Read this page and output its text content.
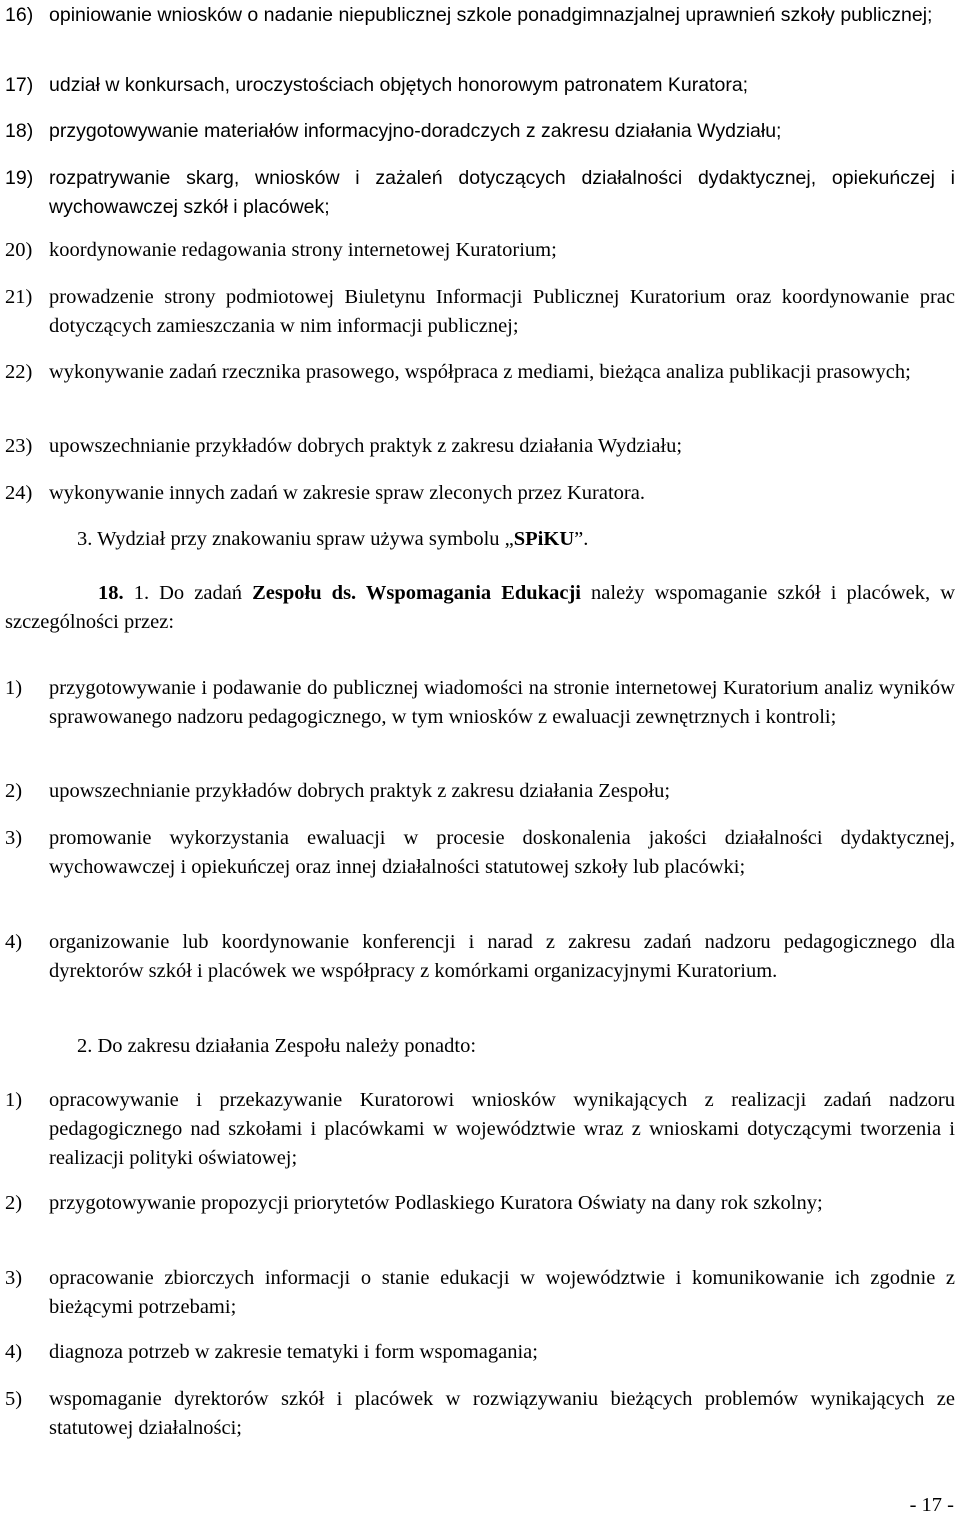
16) opiniowanie wniosków o nadanie niepublicznej szkole ponadgimnazjalnej uprawnień szkoły publicznej;
17) udział w konkursach, uroczystościach objętych honorowym patronatem Kuratora;
18) przygotowywanie materiałów informacyjno-doradczych z zakresu działania Wydziału;
19) rozpatrywanie skarg, wniosków i zażaleń dotyczących działalności dydaktycznej, opiekuńczej i wychowawczej szkół i placówek;
20) koordynowanie redagowania strony internetowej Kuratorium;
21) prowadzenie strony podmiotowej Biuletynu Informacji Publicznej Kuratorium oraz koordynowanie prac dotyczących zamieszczania w nim informacji publicznej;
22) wykonywanie zadań rzecznika prasowego, współpraca z mediami, bieżąca analiza publikacji prasowych;
23) upowszechnianie przykładów dobrych praktyk z zakresu działania Wydziału;
24) wykonywanie innych zadań w zakresie spraw zleconych przez Kuratora.
3. Wydział przy znakowaniu spraw używa symbolu „SPiKU”.
18. 1. Do zadań Zespołu ds. Wspomagania Edukacji należy wspomaganie szkół i placówek, w szczególności przez:
1) przygotowywanie i podawanie do publicznej wiadomości na stronie internetowej Kuratorium analiz wyników sprawowanego nadzoru pedagogicznego, w tym wniosków z ewaluacji zewnętrznych i kontroli;
2) upowszechnianie przykładów dobrych praktyk z zakresu działania Zespołu;
3) promowanie wykorzystania ewaluacji w procesie doskonalenia jakości działalności dydaktycznej, wychowawczej i opiekuńczej oraz innej działalności statutowej szkoły lub placówki;
4) organizowanie lub koordynowanie konferencji i narad z zakresu zadań nadzoru pedagogicznego dla dyrektorów szkół i placówek we współpracy z komórkami organizacyjnymi Kuratorium.
2. Do zakresu działania Zespołu należy ponadto:
1) opracowywanie i przekazywanie Kuratorowi wniosków wynikających z realizacji zadań nadzoru pedagogicznego nad szkołami i placówkami w województwie wraz z wnioskami dotyczącymi tworzenia i realizacji polityki oświatowej;
2) przygotowywanie propozycji priorytetów Podlaskiego Kuratora Oświaty na dany rok szkolny;
3) opracowanie zbiorczych informacji o stanie edukacji w województwie i komunikowanie ich zgodnie z bieżącymi potrzebami;
4) diagnoza potrzeb w zakresie tematyki i form wspomagania;
5) wspomaganie dyrektorów szkół i placówek w rozwiązywaniu bieżących problemów wynikających ze statutowej działalności;
- 17 -
